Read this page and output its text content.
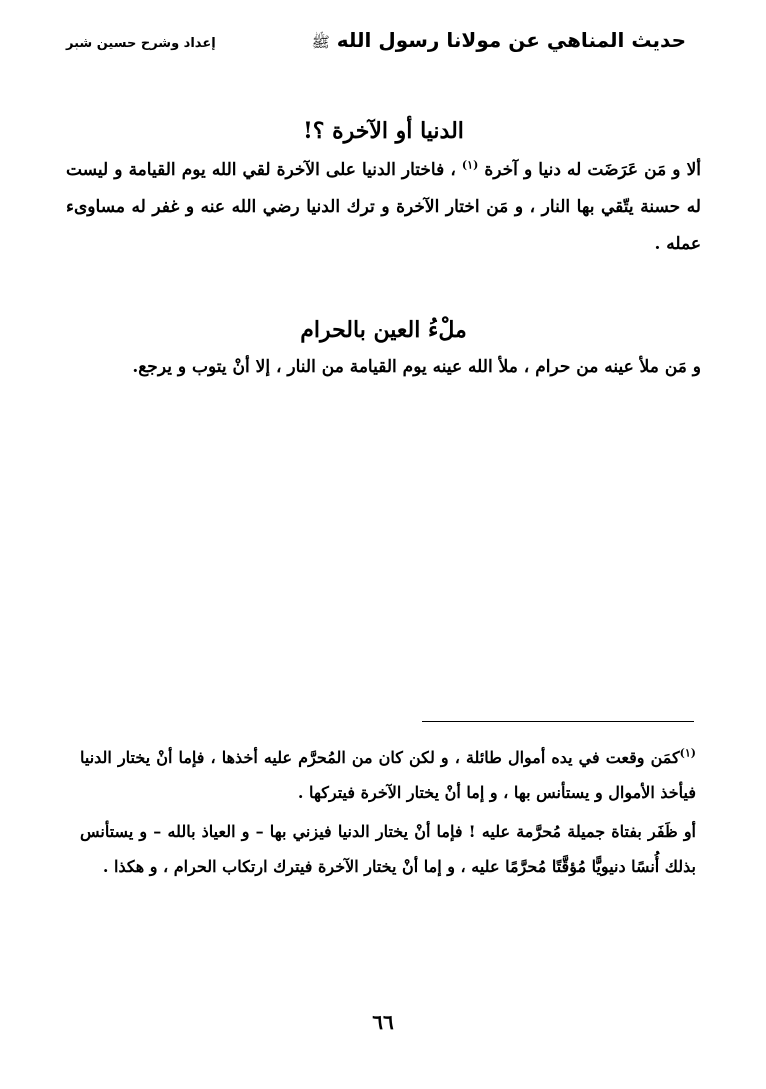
حديث المناهي عن مولانا رسول الله ﷺ
إعداد وشرح حسين شبر
الدنيا أو الآخرة ؟!

ألا و مَن عَرَضَت له دنيا و آخرة $^{(١)}$ ، فاختار الدنيا على الآخرة لقي الله يوم القيامة و ليست له حسنة يتّقي بها النار ، و مَن اختار الآخرة و ترك الدنيا رضي الله عنه و غفر له مساوىء عمله .

ملْءُ العين بالحرام

و مَن ملأ عينه من حرام ، ملأ الله عينه يوم القيامة من النار ، إلا أنْ يتوب و يرجع.

$^{(١)}$كمَن وقعت في يده أموال طائلة ، و لكن كان من المُحرَّم عليه أخذها ، فإما أنْ يختار الدنيا فيأخذ الأموال و يستأنس بها ، و إما أنْ يختار الآخرة فيتركها .

أو ظَفَر بفتاة جميلة مُحرَّمة عليه ! فإما أنْ يختار الدنيا فيزني بها – و العياذ بالله – و يستأنس بذلك أُنسًا دنيويًّا مُؤقَّتًا مُحرَّمًا عليه ، و إما أنْ يختار الآخرة فيترك ارتكاب الحرام ، و هكذا .

٦٦
